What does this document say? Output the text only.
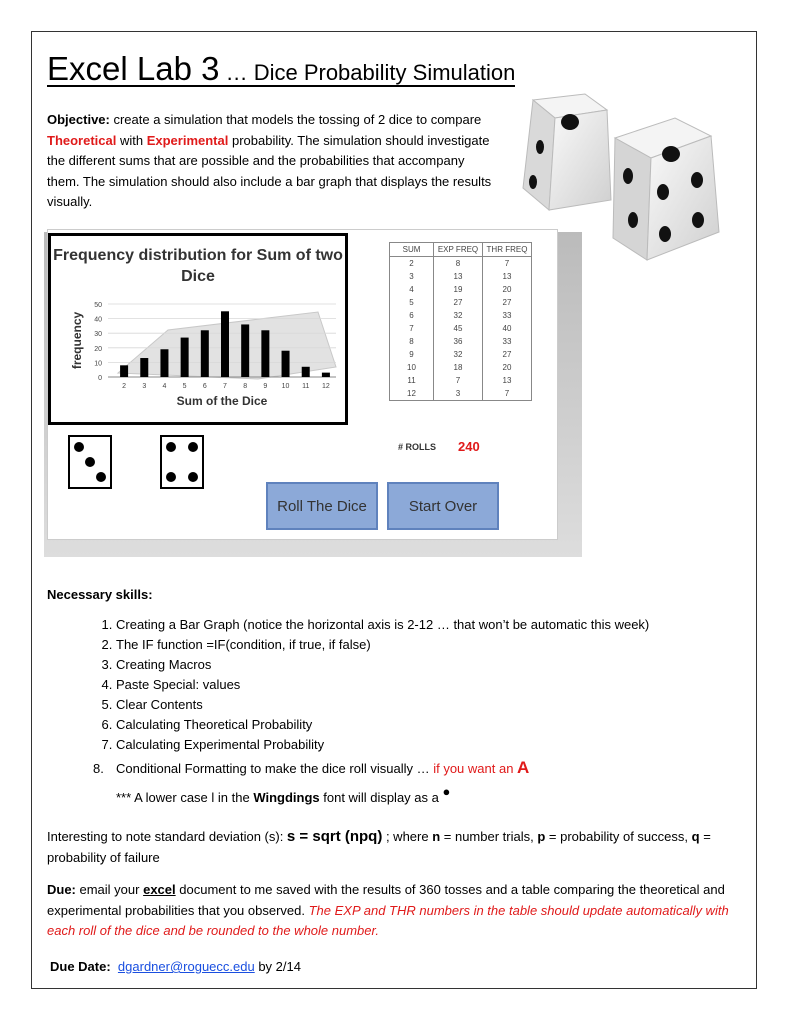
Excel Lab 3 … Dice Probability Simulation
Objective: create a simulation that models the tossing of 2 dice to compare
Theoretical with Experimental probability. The simulation should investigate
the different sums that are possible and the probabilities that accompany
them. The simulation should also include a bar graph that displays the results
visually.
Frequency distribution for Sum of two Dice
0
10
20
30
40
50
2 3 4 5 6 7 8 9 10 11 12
Sum of the Dice
frequency
SUM	EXP FREQ	THR FREQ
2	8	7
3	13	13
4	19	20
5	27	27
6	32	33
7	45	40
8	36	33
9	32	27
10	18	20
11	7	13
12	3	7
# ROLLS 240
Roll The Dice	Start Over
Necessary skills:
1. Creating a Bar Graph (notice the horizontal axis is 2-12 … that won’t be automatic this week)
2. The IF function =IF(condition, if true, if false)
3. Creating Macros
4. Paste Special: values
5. Clear Contents
6. Calculating Theoretical Probability
7. Calculating Experimental Probability
8. Conditional Formatting to make the dice roll visually … if you want an A
*** A lower case l in the Wingdings font will display as a ●
Interesting to note standard deviation (s): s = sqrt (npq) ; where n = number trials, p = probability of success, q =
probability of failure
Due: email your excel document to me saved with the results of 360 tosses and a table comparing the theoretical and
experimental probabilities that you observed. The EXP and THR numbers in the table should update automatically with
each roll of the dice and be rounded to the whole number.
Due Date: dgardner@roguecc.edu by 2/14
